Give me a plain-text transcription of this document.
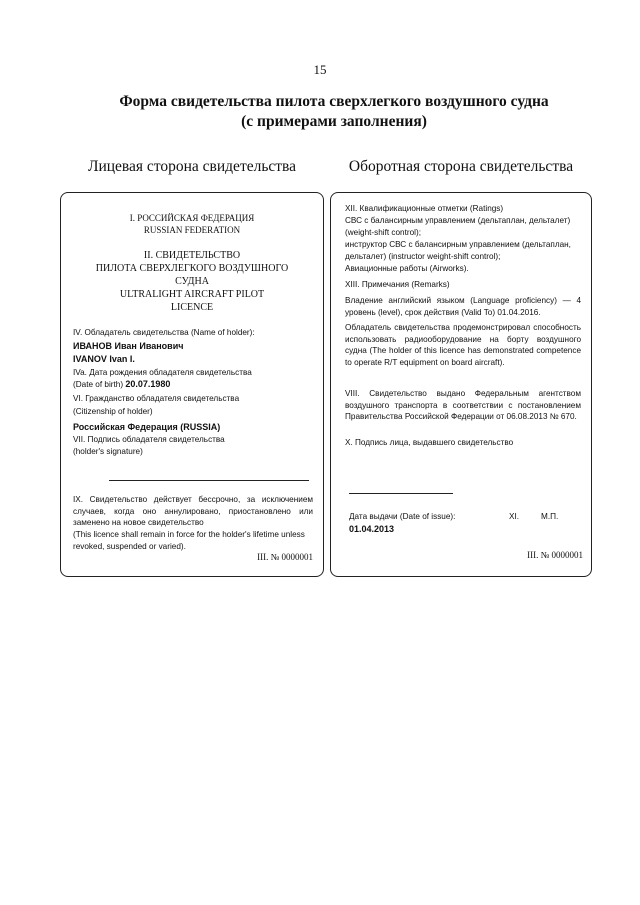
15
Форма свидетельства пилота сверхлегкого воздушного судна
(с примерами заполнения)
Лицевая сторона свидетельства	Оборотная сторона свидетельства
I. РОССИЙСКАЯ ФЕДЕРАЦИЯ
RUSSIAN FEDERATION
II. СВИДЕТЕЛЬСТВО
ПИЛОТА СВЕРХЛЕГКОГО ВОЗДУШНОГО
СУДНА
ULTRALIGHT AIRCRAFT PILOT
LICENCE
IV. Обладатель свидетельства (Name of holder):
ИВАНОВ Иван Иванович
IVANOV Ivan I.
IVa. Дата рождения обладателя свидетельства
(Date of birth) 20.07.1980
VI. Гражданство обладателя свидетельства
(Citizenship of holder)
Российская Федерация (RUSSIA)
VII. Подпись обладателя свидетельства
(holder's signature)
IX. Свидетельство действует бессрочно, за исключением случаев, когда оно аннулировано, приостановлено или заменено на новое свидетельство
(This licence shall remain in force for the holder's lifetime unless revoked, suspended or varied).
III. № 0000001
XII. Квалификационные отметки (Ratings)
СВС с балансирным управлением (дельтаплан, дельталет) (weight-shift control);
инструктор СВС с балансирным управлением (дельтаплан, дельталет) (instructor weight-shift control);
Авиационные работы (Airworks).
XIII. Примечания (Remarks)
Владение английский языком (Language proficiency) — 4 уровень (level), срок действия (Valid To) 01.04.2016.
Обладатель свидетельства продемонстрировал способность использовать радиооборудование на борту воздушного судна (The holder of this licence has demonstrated competence to operate R/T equipment on board aircraft).
VIII. Свидетельство выдано Федеральным агентством воздушного транспорта в соответствии с постановлением Правительства Российской Федерации от 06.08.2013 № 670.
X. Подпись лица, выдавшего свидетельство
Дата выдачи (Date of issue):	XI.	М.П.
01.04.2013
III. № 0000001
